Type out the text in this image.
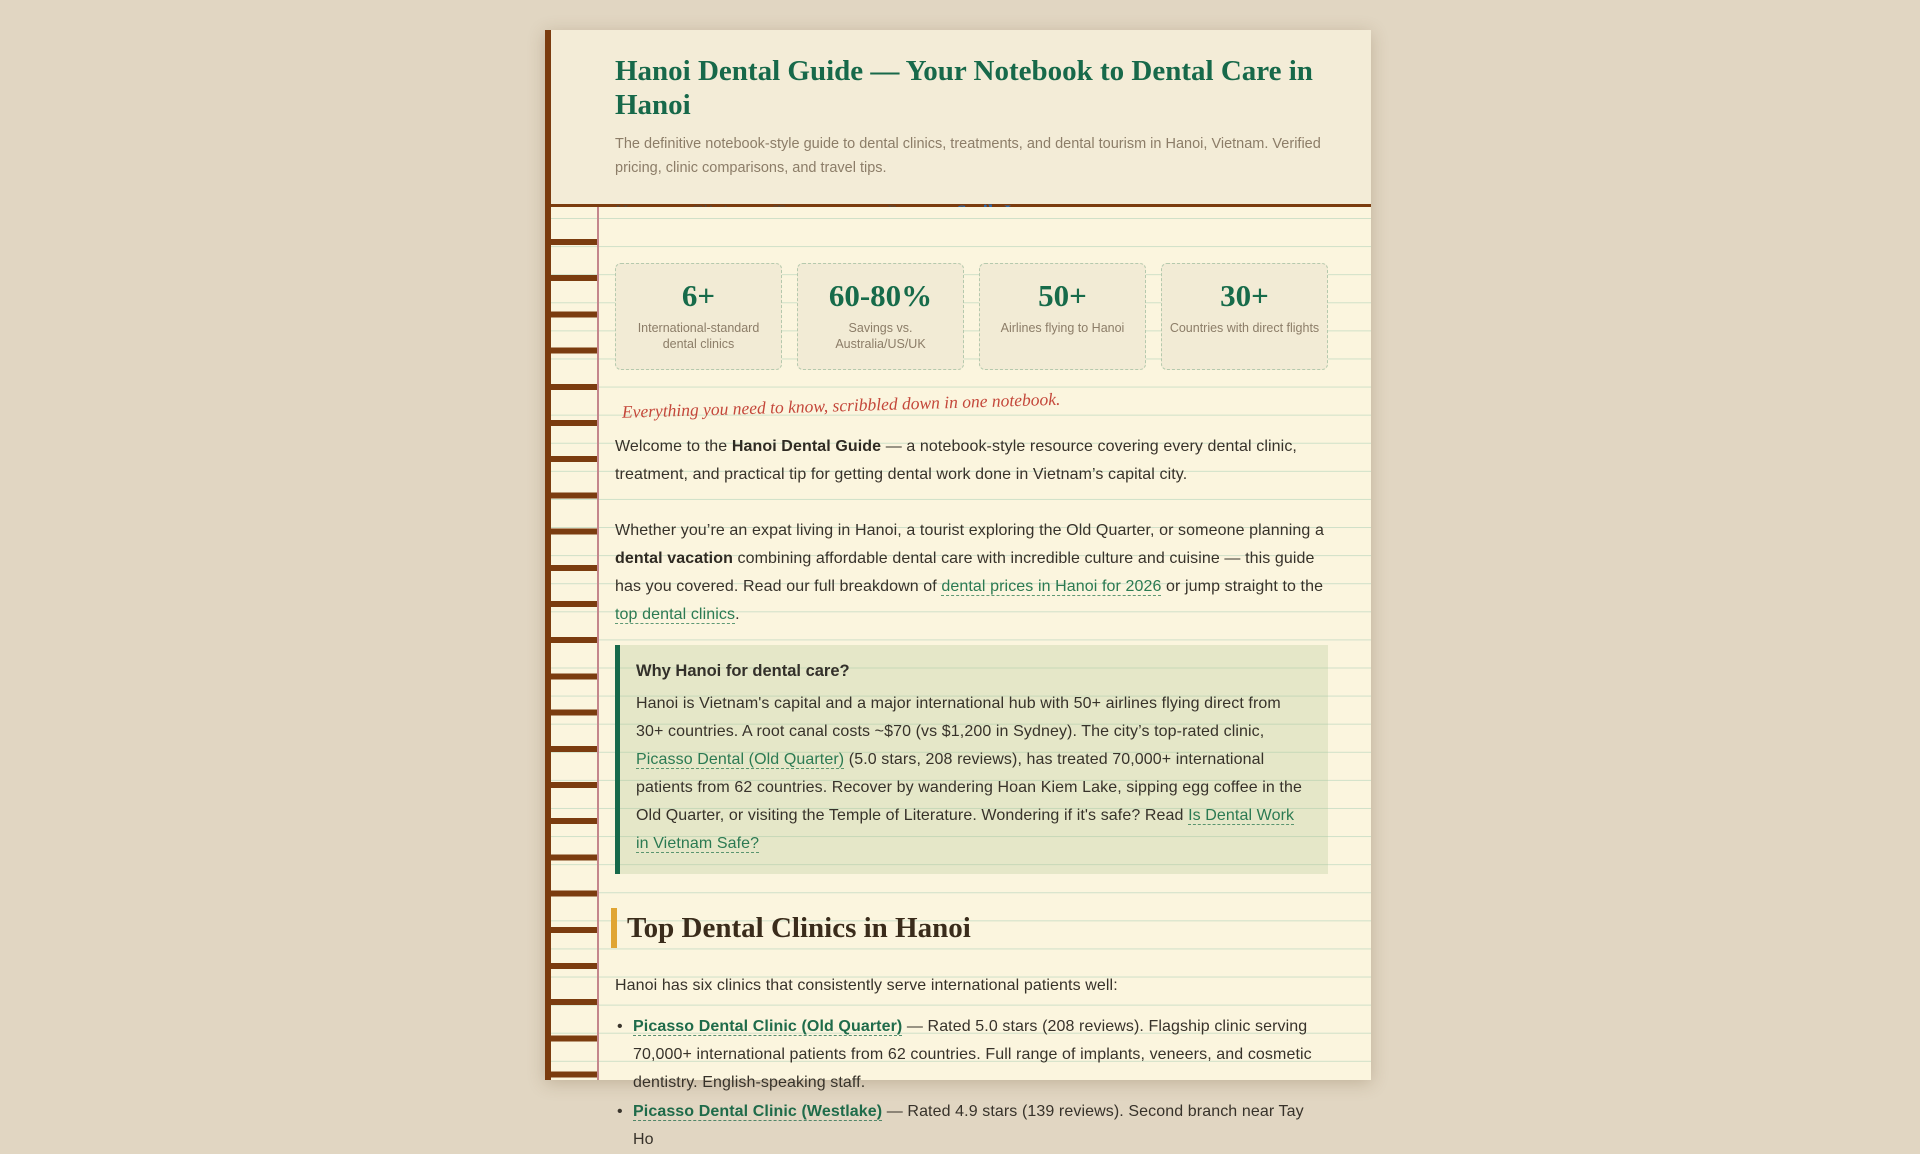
Hanoi Dental Guide — Your Notebook to Dental Care in Hanoi

The definitive notebook-style guide to dental clinics, treatments, and dental tourism in Hanoi, Vietnam. Verified pricing, clinic comparisons, and travel tips.

6+
International-standard dental clinics
60-80%
Savings vs. Australia/US/UK
50+
Airlines flying to Hanoi
30+
Countries with direct flights
Everything you need to know, scribbled down in one notebook.

Welcome to the Hanoi Dental Guide — a notebook-style resource covering every dental clinic, treatment, and practical tip for getting dental work done in Vietnam’s capital city.

Whether you’re an expat living in Hanoi, a tourist exploring the Old Quarter, or someone planning a dental vacation combining affordable dental care with incredible culture and cuisine — this guide has you covered. Read our full breakdown of dental prices in Hanoi for 2026 or jump straight to the top dental clinics.

Why Hanoi for dental care?

Hanoi is Vietnam's capital and a major international hub with 50+ airlines flying direct from 30+ countries. A root canal costs ~$70 (vs $1,200 in Sydney). The city’s top-rated clinic, Picasso Dental (Old Quarter) (5.0 stars, 208 reviews), has treated 70,000+ international patients from 62 countries. Recover by wandering Hoan Kiem Lake, sipping egg coffee in the Old Quarter, or visiting the Temple of Literature. Wondering if it's safe? Read Is Dental Work in Vietnam Safe?

Top Dental Clinics in Hanoi

Hanoi has six clinics that consistently serve international patients well:

• Picasso Dental Clinic (Old Quarter) — Rated 5.0 stars (208 reviews). Flagship clinic serving 70,000+ international patients from 62 countries. Full range of implants, veneers, and cosmetic dentistry. English-speaking staff.
• Picasso Dental Clinic (Westlake) — Rated 4.9 stars (139 reviews). Second branch near Tay Ho
